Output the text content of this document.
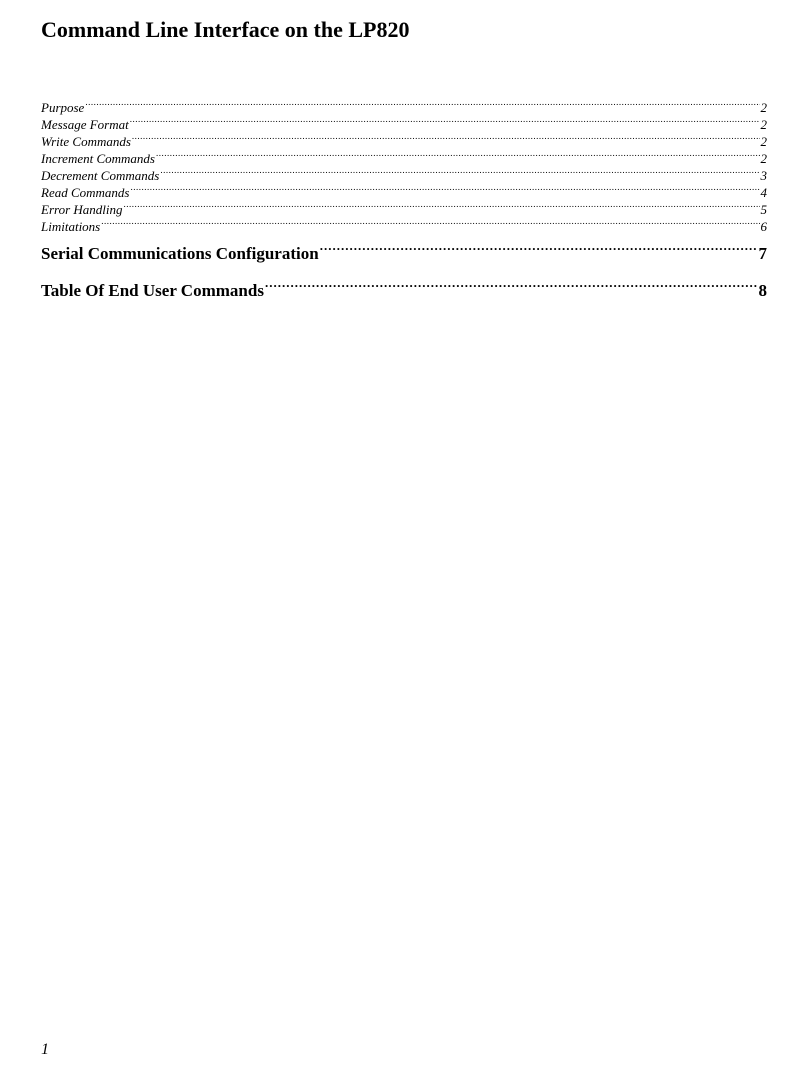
Command Line Interface on the LP820
Purpose .....	2
Message Format .....	2
Write Commands .....	2
Increment Commands .....	2
Decrement Commands .....	3
Read Commands .....	4
Error Handling .....	5
Limitations .....	6
Serial Communications Configuration .....	7
Table Of End User Commands .....	8
1
